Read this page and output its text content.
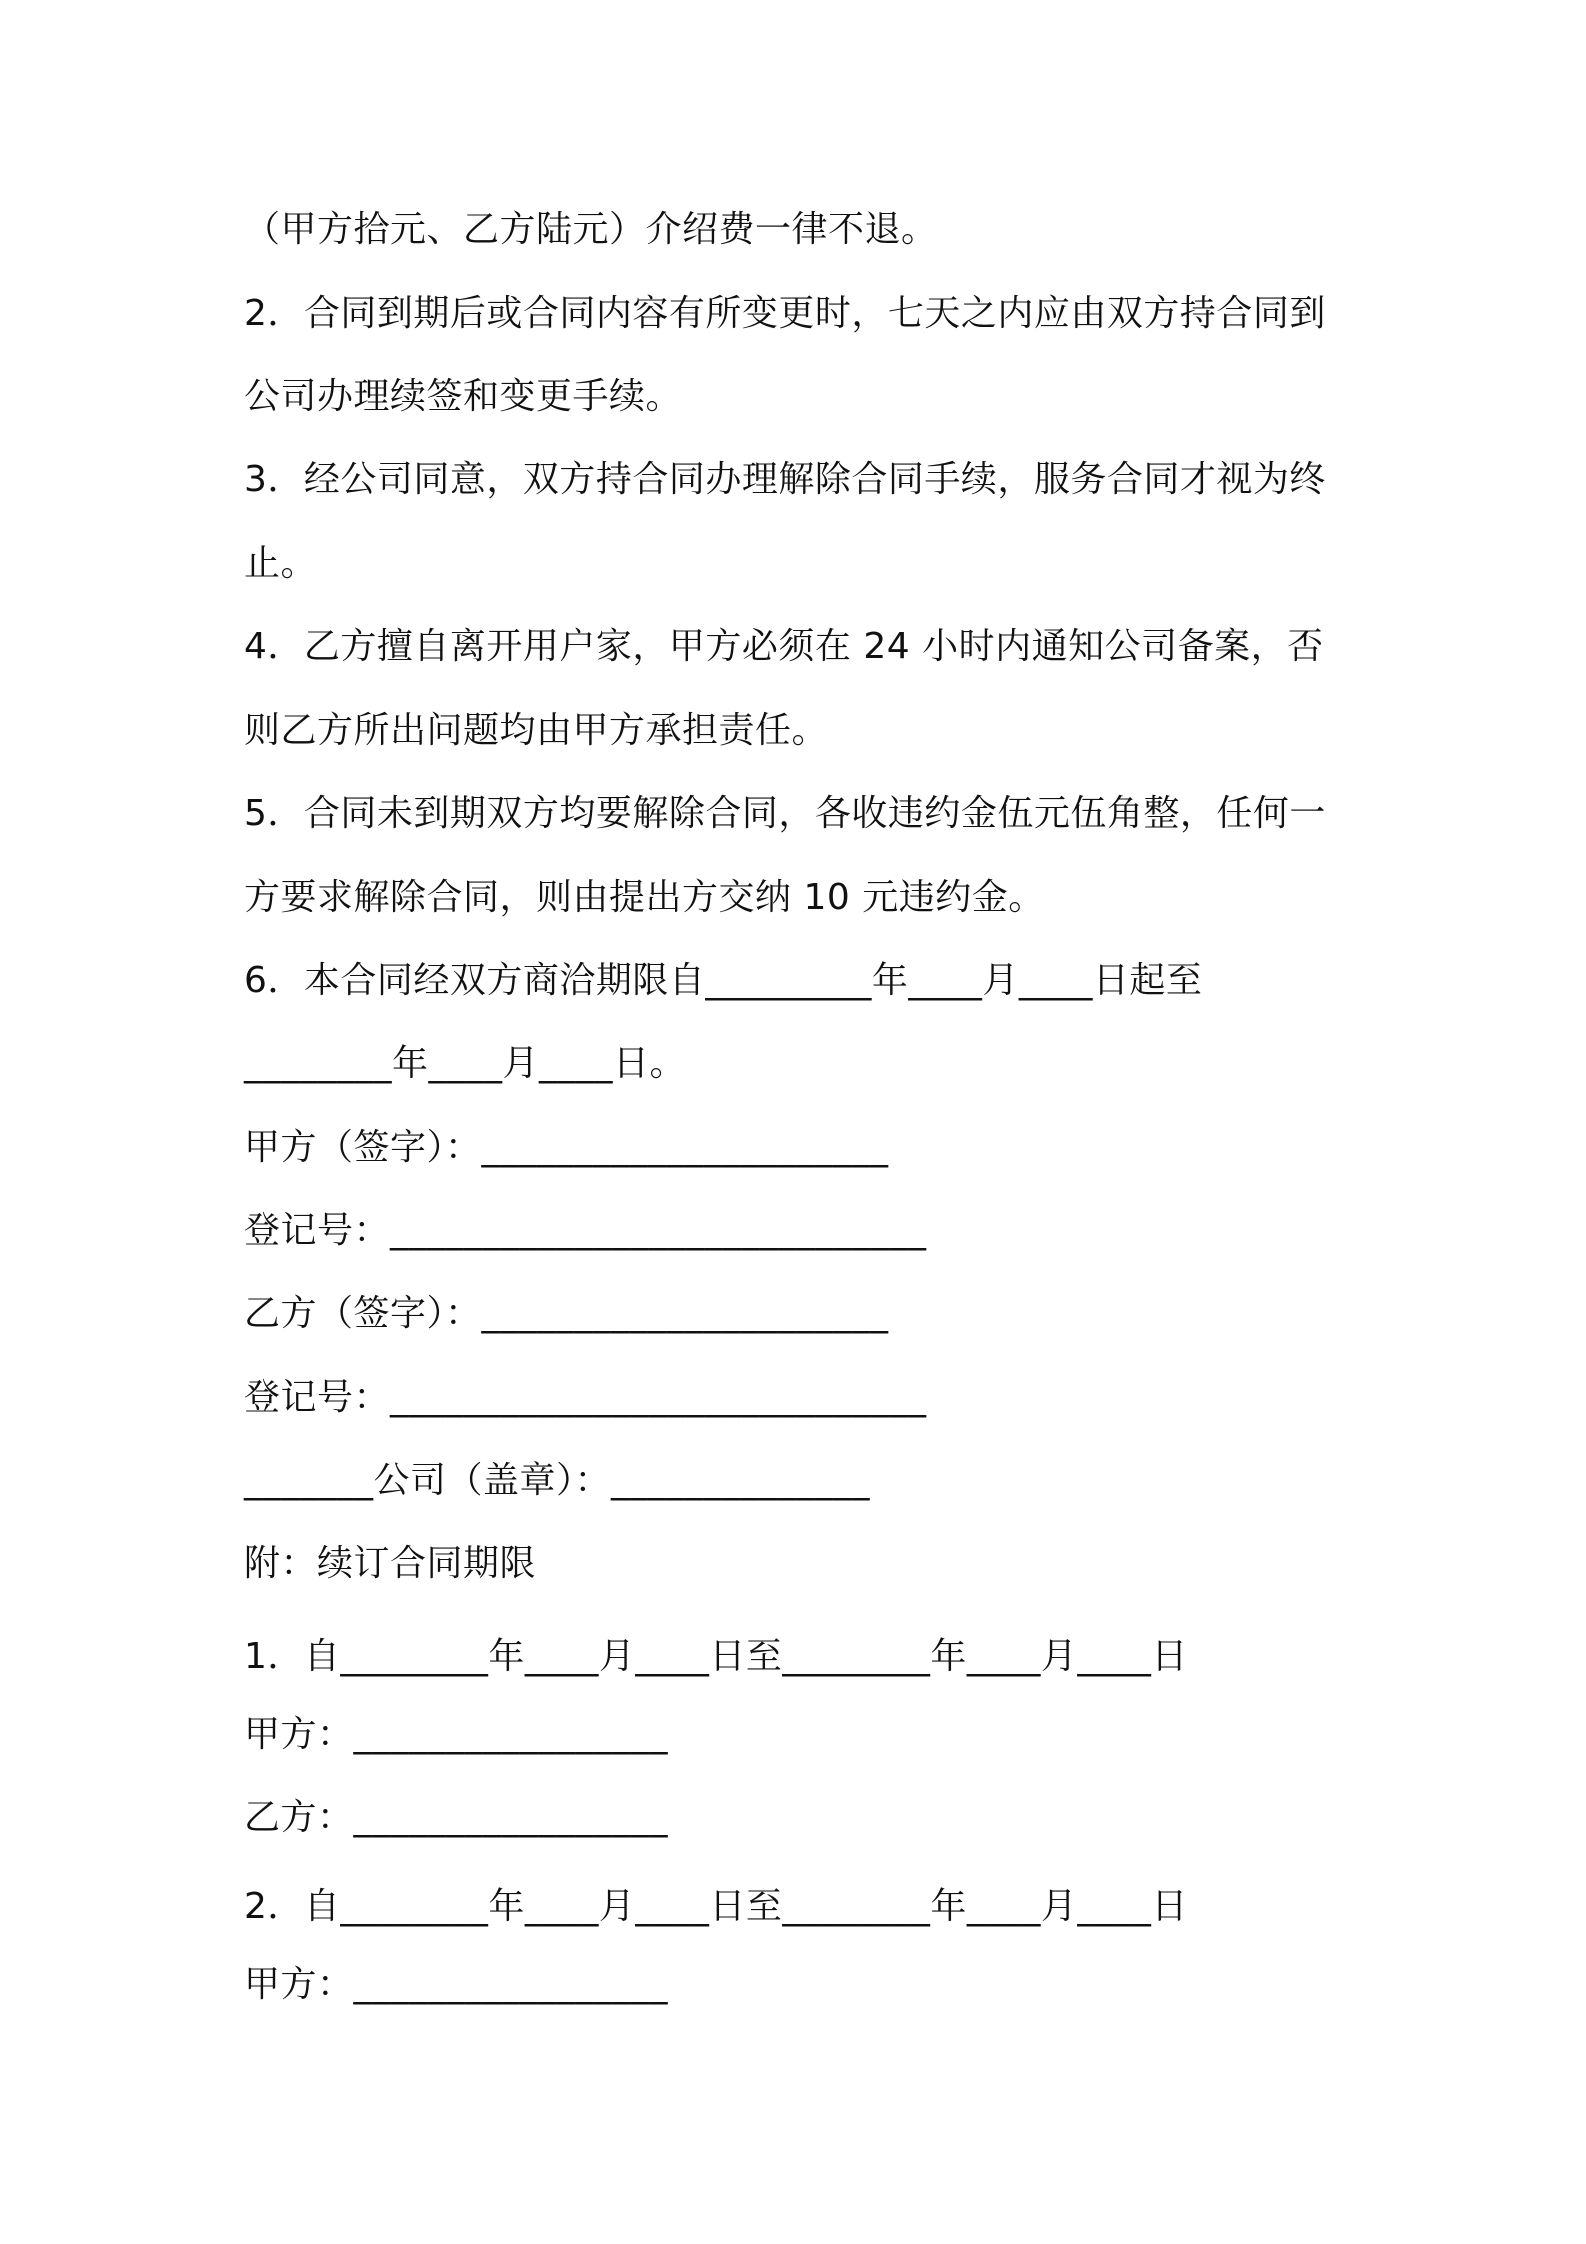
（甲方拾元、乙方陆元）介绍费一律不退。
2．合同到期后或合同内容有所变更时，七天之内应由双方持合同到
公司办理续签和变更手续。
3．经公司同意，双方持合同办理解除合同手续，服务合同才视为终
止。
4．乙方擅自离开用户家，甲方必须在 24 小时内通知公司备案，否
则乙方所出问题均由甲方承担责任。
5．合同未到期双方均要解除合同，各收违约金伍元伍角整，任何一
方要求解除合同，则由提出方交纳 10 元违约金。
6．本合同经双方商洽期限自_________年____月____日起至
________年____月____日。
甲方（签字）：______________________
登记号：_____________________________
乙方（签字）：______________________
登记号：_____________________________
_______公司（盖章）：______________
附：续订合同期限
1．自________年____月____日至________年____月____日
甲方：_________________
乙方：_________________
2．自________年____月____日至________年____月____日
甲方：_________________
